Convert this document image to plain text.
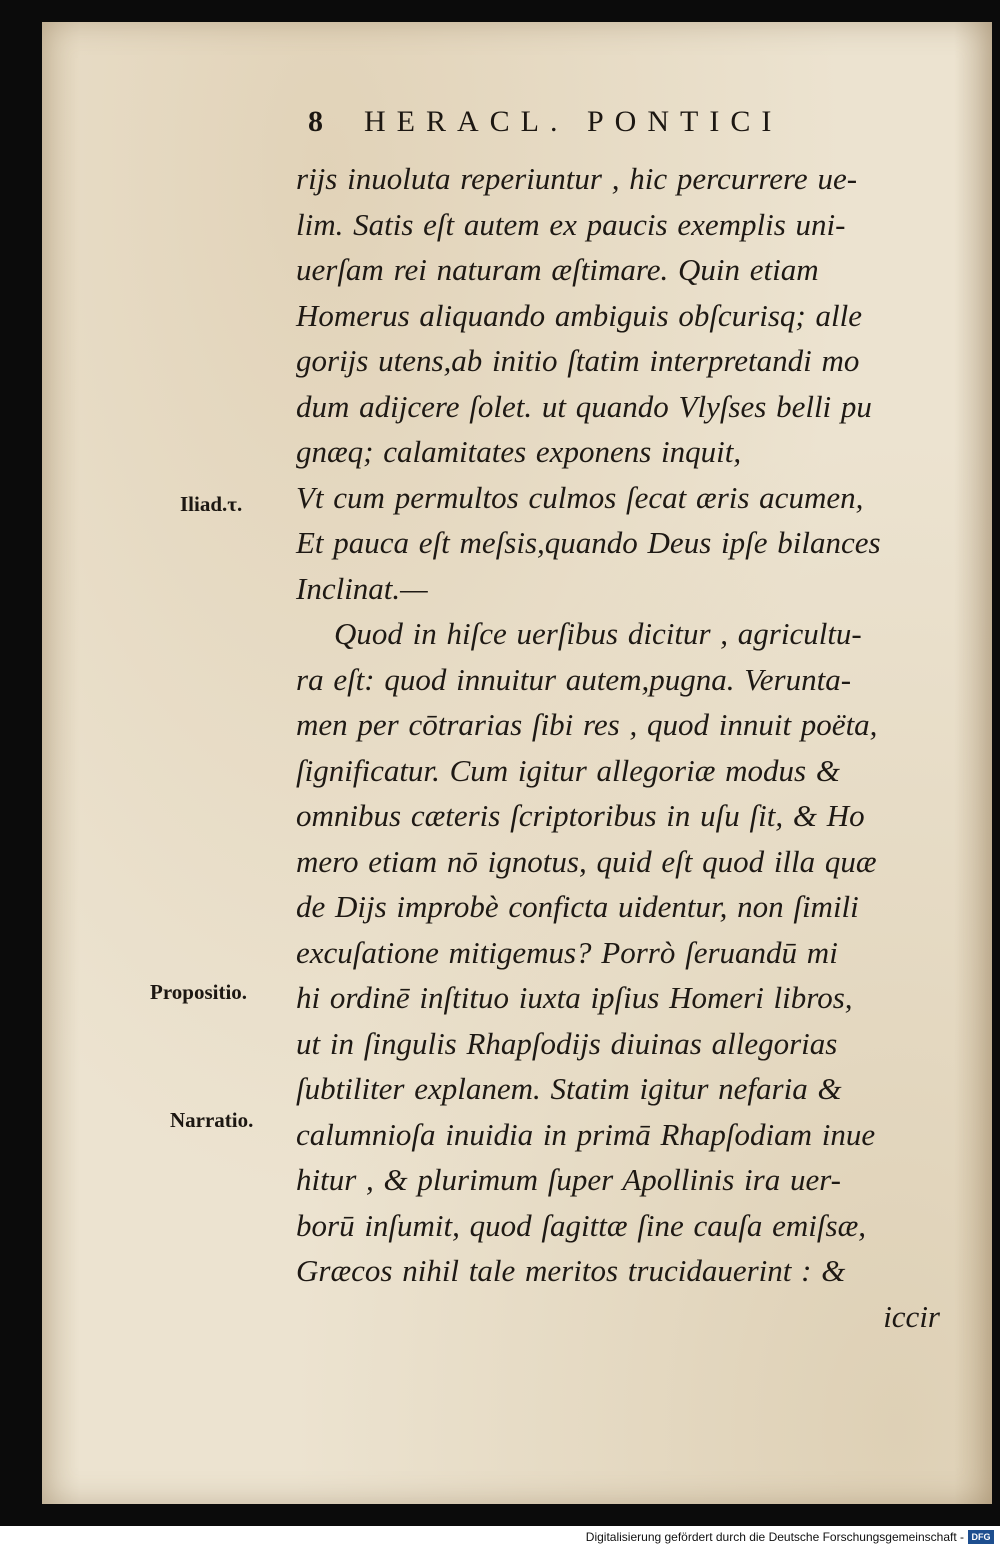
8 HERACL. PONTICI
Iliad.τ.
Propositio.
Narratio.
rijs inuoluta reperiuntur , hic percurrere ue-
lim. Satis eſt autem ex paucis exemplis uni-
uerſam rei naturam æſtimare. Quin etiam
Homerus aliquando ambiguis obſcurisq; alle
gorijs utens,ab initio ſtatim interpretandi mo
dum adijcere ſolet. ut quando Vlyſses belli pu
gnæq; calamitates exponens inquit,
Vt cum permultos culmos ſecat æris acumen,
Et pauca eſt meſsis,quando Deus ipſe bilances
Inclinat.—
Quod in hiſce uerſibus dicitur , agricultu-
ra eſt: quod innuitur autem,pugna. Veruntа-
men per cōtrarias ſibi res , quod innuit poëta,
ſignificatur. Cum igitur allegoriæ modus &
omnibus cæteris ſcriptoribus in uſu ſit, & Ho
mero etiam nō ignotus, quid eſt quod illa quæ
de Dijs improbè conficta uidentur, non ſimili
excuſatione mitigemus? Porrò ſeruandū mi
hi ordinē inſtituo iuxta ipſius Homeri libros,
ut in ſingulis Rhapſodijs diuinas allegorias
ſubtiliter explanem. Statim igitur nefaria &
calumnioſa inuidia in primā Rhapſodiam inue
hitur , & plurimum ſuper Apollinis ira uer-
borū inſumit, quod ſagittæ ſine cauſa emiſsæ,
Græcos nihil tale meritos trucidauerint : &
iccir
Digitalisierung gefördert durch die Deutsche Forschungsgemeinschaft - DFG
